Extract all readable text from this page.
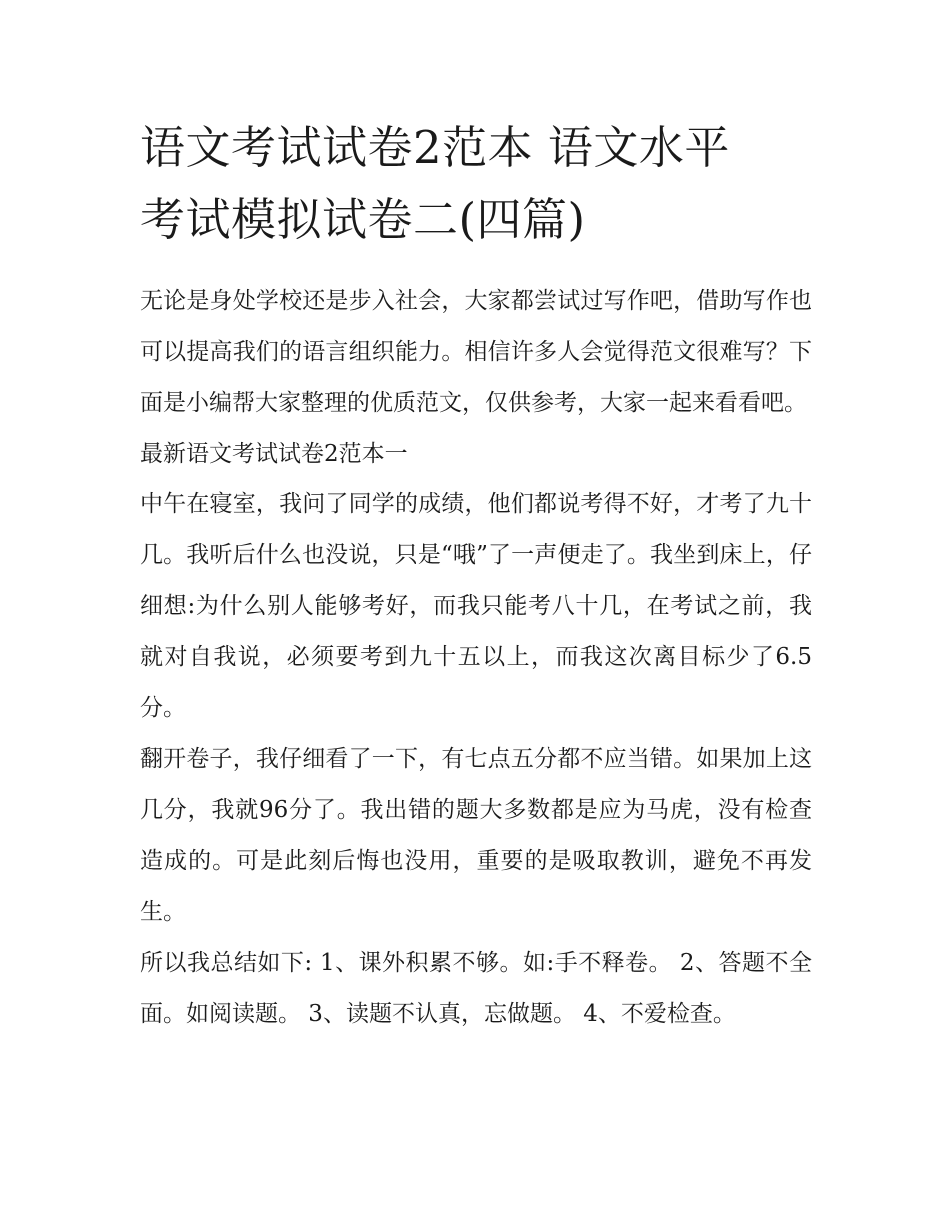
语文考试试卷2范本 语文水平
考试模拟试卷二(四篇)

无论是身处学校还是步入社会，大家都尝试过写作吧，借助写作也可以提高我们的语言组织能力。相信许多人会觉得范文很难写？下面是小编帮大家整理的优质范文，仅供参考，大家一起来看看吧。

最新语文考试试卷2范本一

中午在寝室，我问了同学的成绩，他们都说考得不好，才考了九十几。我听后什么也没说，只是“哦”了一声便走了。我坐到床上，仔细想:为什么别人能够考好，而我只能考八十几，在考试之前，我就对自我说，必须要考到九十五以上，而我这次离目标少了6.5分。

翻开卷子，我仔细看了一下，有七点五分都不应当错。如果加上这几分，我就96分了。我出错的题大多数都是应为马虎，没有检查造成的。可是此刻后悔也没用，重要的是吸取教训，避免不再发生。

所以我总结如下: 1、课外积累不够。如:手不释卷。 2、答题不全面。如阅读题。 3、读题不认真，忘做题。 4、不爱检查。
